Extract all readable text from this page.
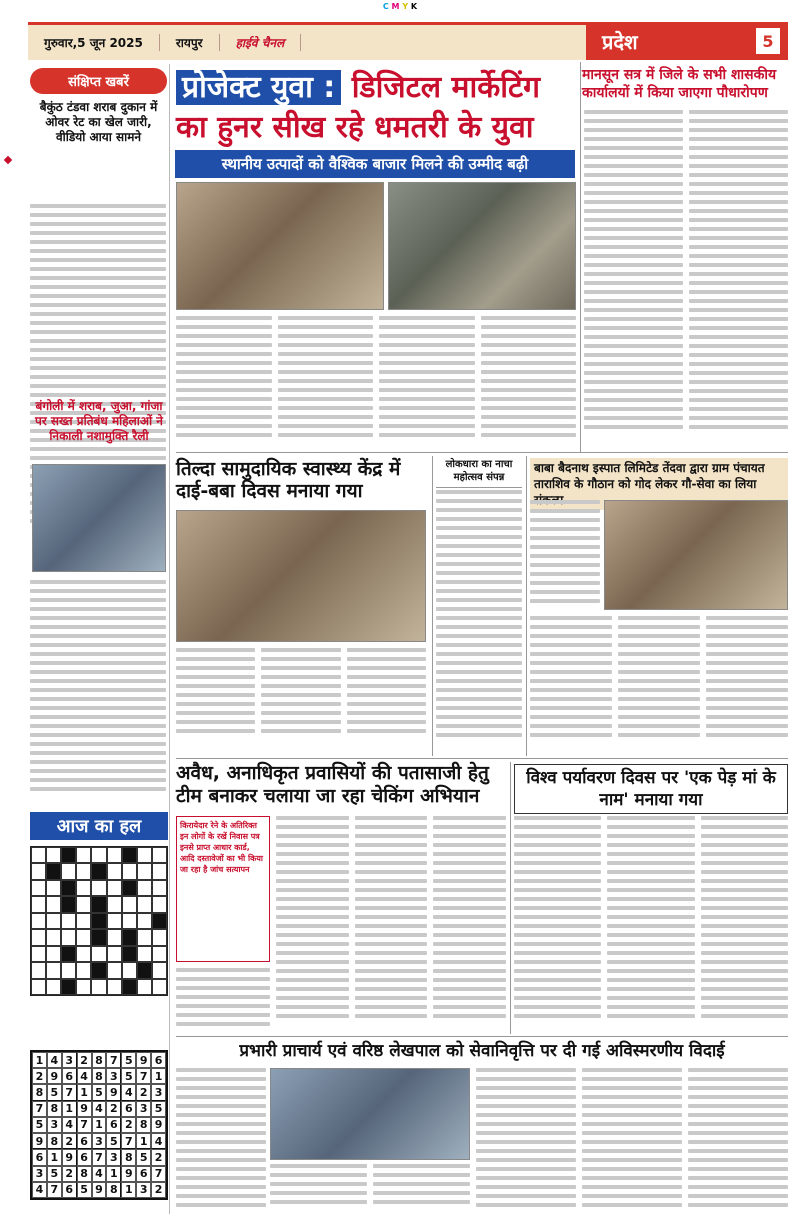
C M Y K
गुरुवार,5 जून 2025	रायपुर	हाईवे चैनल	प्रदेश	5
संक्षिप्त खबरें
बैकुंठ टंडवा शराब दुकान में ओवर रेट का खेल जारी, वीडियो आया सामने
बंगोली में शराब, जुआ, गांजा पर सख्त प्रतिबंध महिलाओं ने निकाली नशामुक्ति रैली
आज का हल
1 4 3 2 8 7 5 9 6
2 9 6 4 8 3 5 7 1
8 5 7 1 5 9 4 2 3
7 8 1 9 4 2 6 3 5
5 3 4 7 1 6 2 8 9
9 8 2 6 3 5 7 1 4
6 1 9 6 7 3 8 5 2
3 5 2 8 4 1 9 6 7
4 7 6 5 9 8 1 3 2
प्रोजेक्ट युवा : डिजिटल मार्केटिंग
का हुनर सीख रहे धमतरी के युवा
स्थानीय उत्पादों को वैश्विक बाजार मिलने की उम्मीद बढ़ी
मानसून सत्र में जिले के सभी शासकीय कार्यालयों में किया जाएगा पौधारोपण
तिल्दा सामुदायिक स्वास्थ्य केंद्र में दाई-बबा दिवस मनाया गया
लोकधारा का नाचा महोत्सव संपन्न
बाबा बैदनाथ इस्पात लिमिटेड तेंदवा द्वारा ग्राम पंचायत ताराशिव के गौठान को गोद लेकर गौ-सेवा का लिया
अवैध, अनाधिकृत प्रवासियों की पतासाजी हेतु टीम बनाकर चलाया जा रहा चेकिंग अभियान
किरायेदार रेने के अतिरिक्त इन लोगों के रखें निवास पत्र इनसे प्राप्त आधार कार्ड, आदि दस्तावेजों का भी किया जा रहा है जांच सत्यापन
विश्व पर्यावरण दिवस पर 'एक पेड़ मां के नाम' मनाया गया
प्रभारी प्राचार्य एवं वरिष्ठ लेखपाल को सेवानिवृत्ति पर दी गई अविस्मरणीय विदाई
